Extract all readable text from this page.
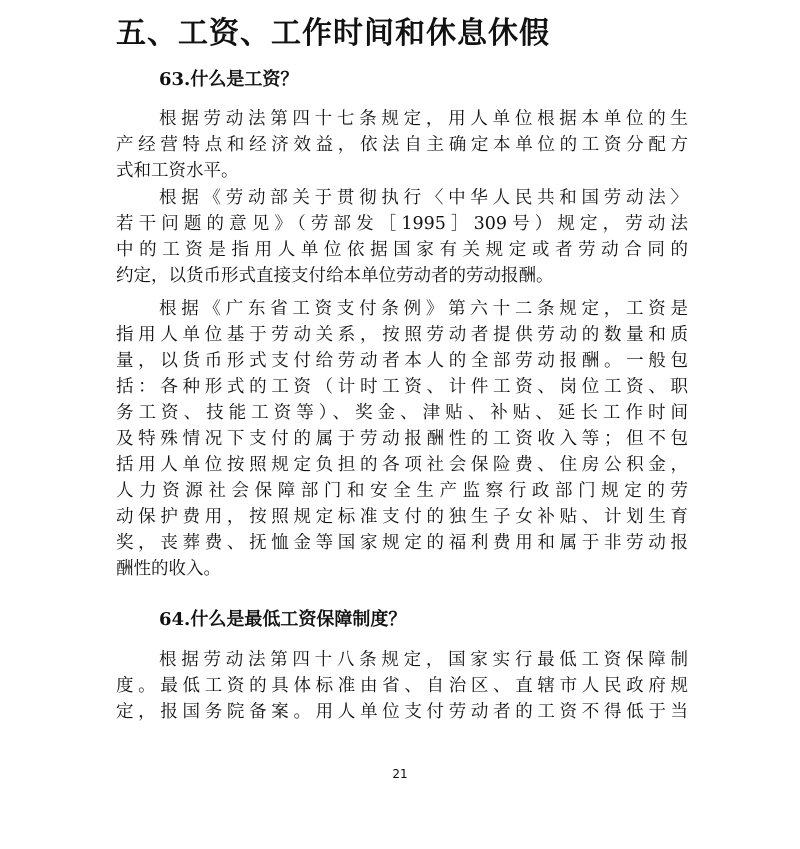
五、工资、工作时间和休息休假
63.什么是工资？

根据劳动法第四十七条规定，用人单位根据本单位的生
产经营特点和经济效益，依法自主确定本单位的工资分配方
式和工资水平。

根据《劳动部关于贯彻执行〈中华人民共和国劳动法〉
若干问题的意见》（劳部发［1995］309号）规定，劳动法
中的工资是指用人单位依据国家有关规定或者劳动合同的
约定，以货币形式直接支付给本单位劳动者的劳动报酬。

根据《广东省工资支付条例》第六十二条规定，工资是
指用人单位基于劳动关系，按照劳动者提供劳动的数量和质
量，以货币形式支付给劳动者本人的全部劳动报酬。一般包
括：各种形式的工资（计时工资、计件工资、岗位工资、职
务工资、技能工资等）、奖金、津贴、补贴、延长工作时间
及特殊情况下支付的属于劳动报酬性的工资收入等；但不包
括用人单位按照规定负担的各项社会保险费、住房公积金，
人力资源社会保障部门和安全生产监察行政部门规定的劳
动保护费用，按照规定标准支付的独生子女补贴、计划生育
奖，丧葬费、抚恤金等国家规定的福利费用和属于非劳动报
酬性的收入。

64.什么是最低工资保障制度？

根据劳动法第四十八条规定，国家实行最低工资保障制
度。最低工资的具体标准由省、自治区、直辖市人民政府规
定，报国务院备案。用人单位支付劳动者的工资不得低于当

21
